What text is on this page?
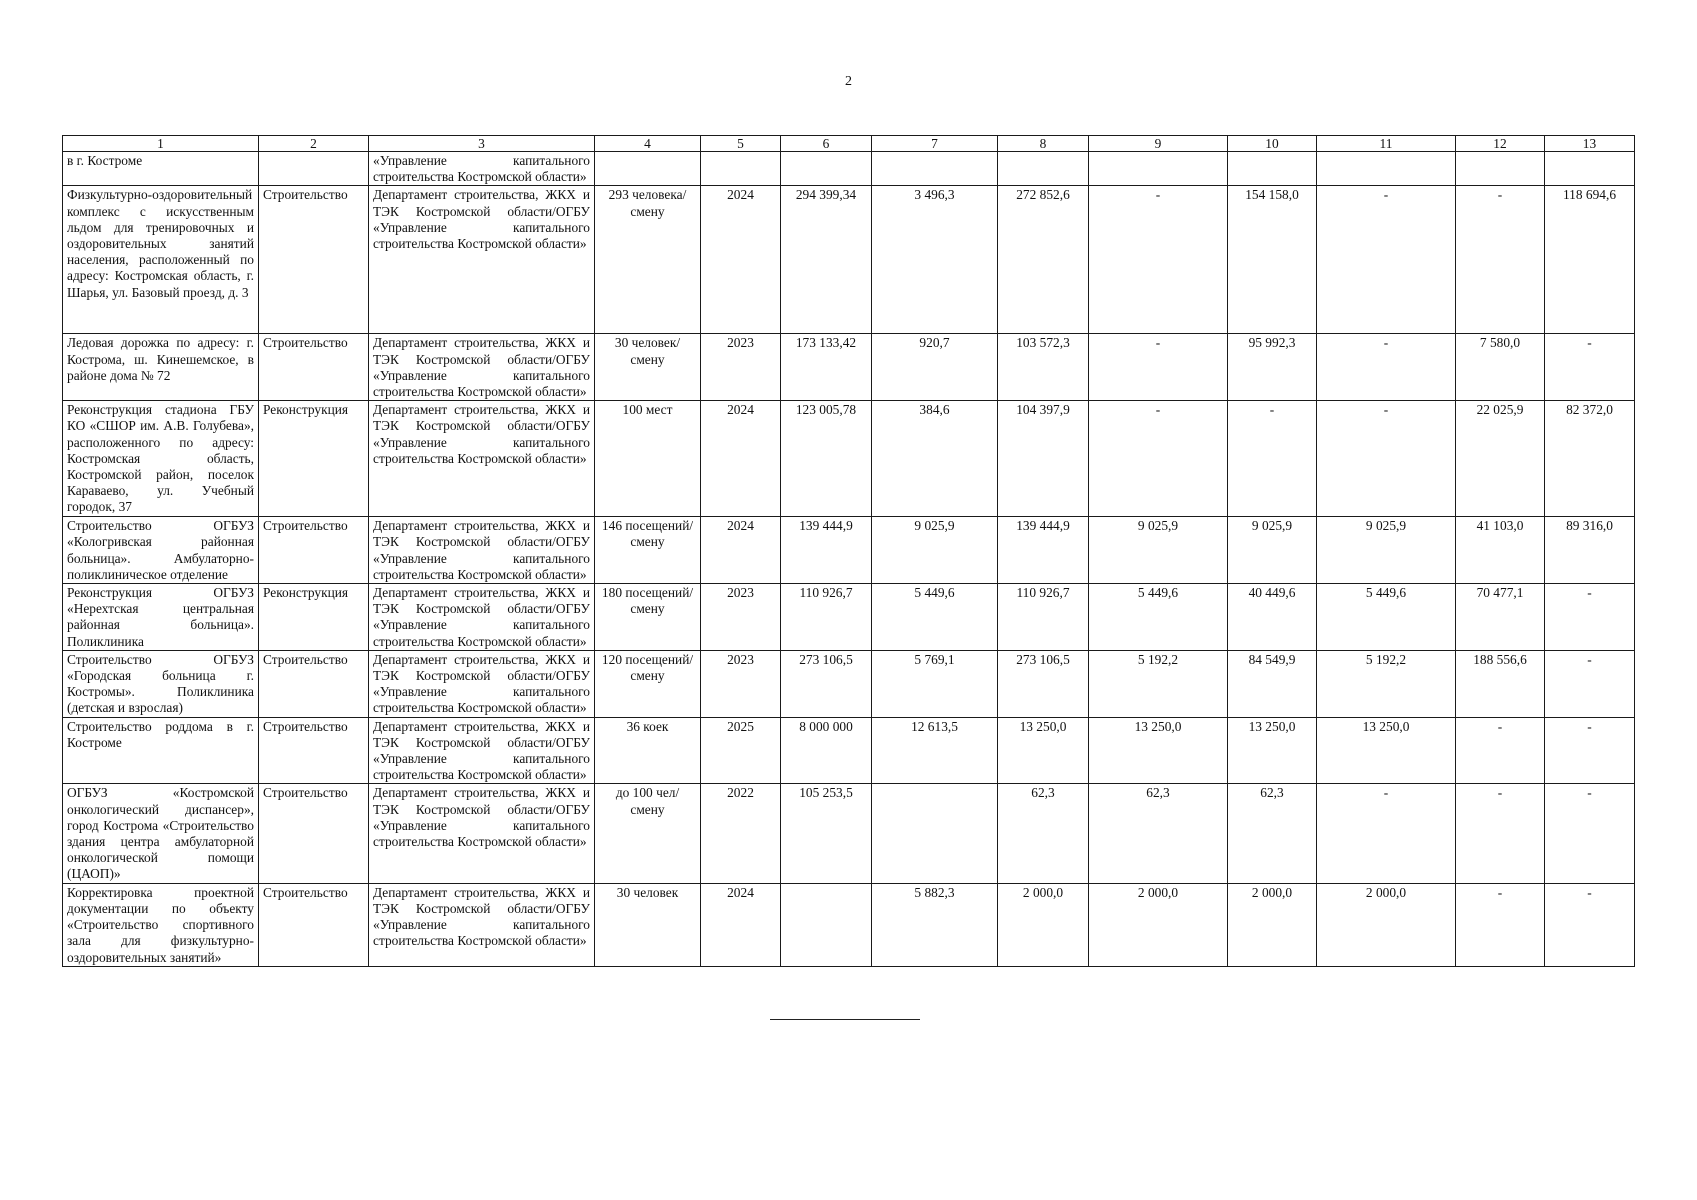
2
1	2	3	4	5	6	7	8	9	10	11	12	13
в г. Костроме		«Управление капитального строительства Костромской области»										
Физкультурно-оздоровительный комплекс с искусственным льдом для тренировочных и оздоровительных занятий населения, расположенный по адресу: Костромская область, г. Шарья, ул. Базовый проезд, д. 3	Строительство	Департамент строительства, ЖКХ и ТЭК Костромской области/ОГБУ «Управление капитального строительства Костромской области»	293 человека/ смену	2024	294 399,34	3 496,3	272 852,6	-	154 158,0	-	-	118 694,6
Ледовая дорожка по адресу: г. Кострома, ш. Кинешемское, в районе дома № 72	Строительство	Департамент строительства, ЖКХ и ТЭК Костромской области/ОГБУ «Управление капитального строительства Костромской области»	30 человек/ смену	2023	173 133,42	920,7	103 572,3	-	95 992,3	-	7 580,0	-
Реконструкция стадиона ГБУ КО «СШОР им. А.В. Голубева», расположенного по адресу: Костромская область, Костромской район, поселок Караваево, ул. Учебный городок, 37	Реконструкция	Департамент строительства, ЖКХ и ТЭК Костромской области/ОГБУ «Управление капитального строительства Костромской области»	100 мест	2024	123 005,78	384,6	104 397,9	-	-	-	22 025,9	82 372,0
Строительство ОГБУЗ «Кологривская районная больница». Амбулаторно-поликлиническое отделение	Строительство	Департамент строительства, ЖКХ и ТЭК Костромской области/ОГБУ «Управление капитального строительства Костромской области»	146 посещений/смену	2024	139 444,9	9 025,9	139 444,9	9 025,9	9 025,9	9 025,9	41 103,0	89 316,0
Реконструкция ОГБУЗ «Нерехтская центральная районная больница». Поликлиника	Реконструкция	Департамент строительства, ЖКХ и ТЭК Костромской области/ОГБУ «Управление капитального строительства Костромской области»	180 посещений/смену	2023	110 926,7	5 449,6	110 926,7	5 449,6	40 449,6	5 449,6	70 477,1	-
Строительство ОГБУЗ «Городская больница г. Костромы». Поликлиника (детская и взрослая)	Строительство	Департамент строительства, ЖКХ и ТЭК Костромской области/ОГБУ «Управление капитального строительства Костромской области»	120 посещений/смену	2023	273 106,5	5 769,1	273 106,5	5 192,2	84 549,9	5 192,2	188 556,6	-
Строительство роддома в г. Костроме	Строительство	Департамент строительства, ЖКХ и ТЭК Костромской области/ОГБУ «Управление капитального строительства Костромской области»	36 коек	2025	8 000 000	12 613,5	13 250,0	13 250,0	13 250,0	13 250,0	-	-
ОГБУЗ «Костромской онкологический диспансер», город Кострома «Строительство здания центра амбулаторной онкологической помощи (ЦАОП)»	Строительство	Департамент строительства, ЖКХ и ТЭК Костромской области/ОГБУ «Управление капитального строительства Костромской области»	до 100 чел/смену	2022	105 253,5		62,3	62,3	62,3	-	-	-
Корректировка проектной документации по объекту «Строительство спортивного зала для физкультурно-оздоровительных занятий»	Строительство	Департамент строительства, ЖКХ и ТЭК Костромской области/ОГБУ «Управление капитального строительства Костромской области»	30 человек	2024		5 882,3	2 000,0	2 000,0	2 000,0	2 000,0	-	-
